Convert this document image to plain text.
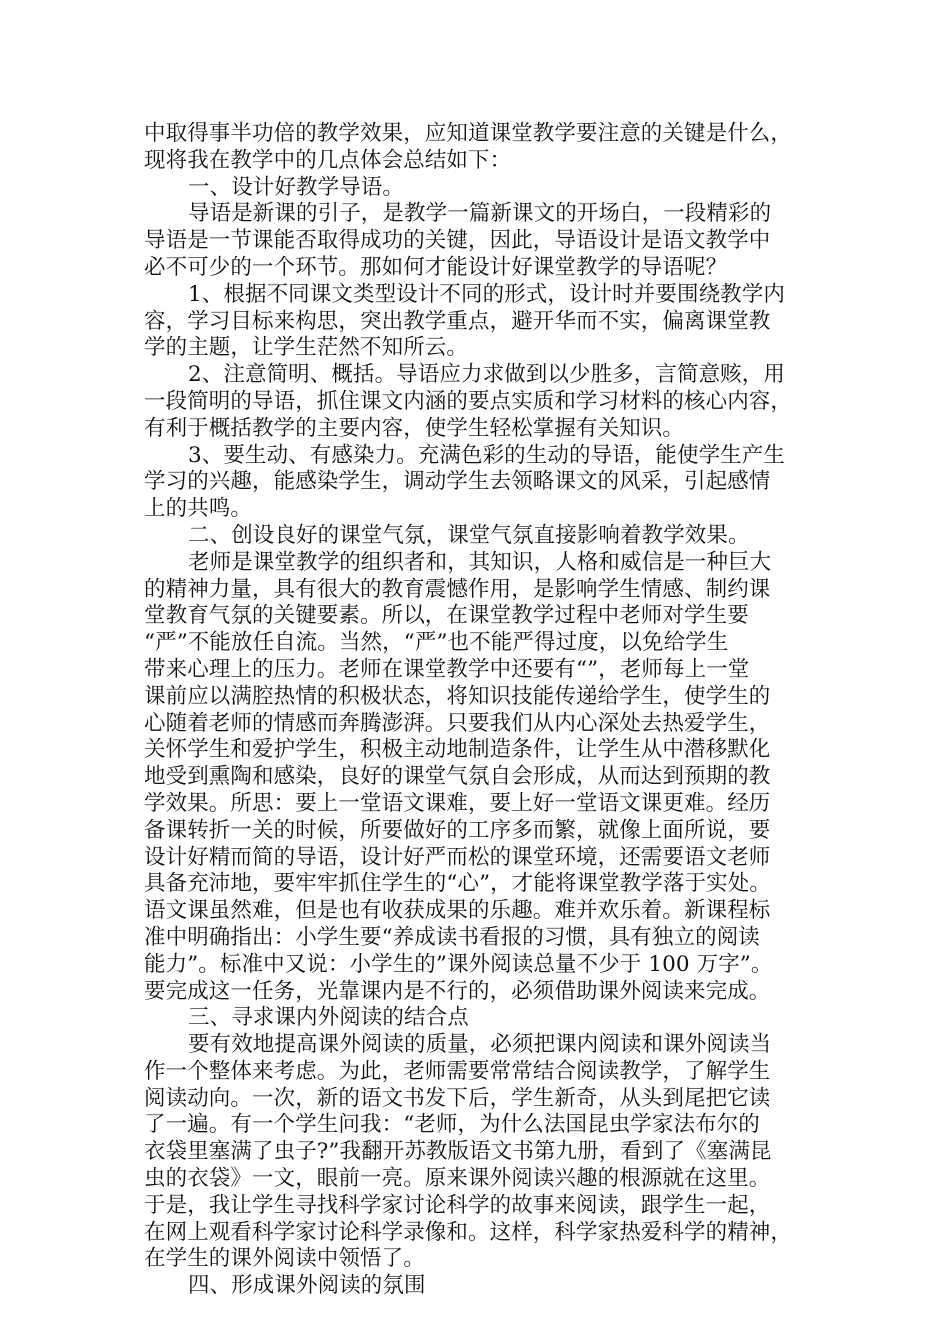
中取得事半功倍的教学效果，应知道课堂教学要注意的关键是什么，
现将我在教学中的几点体会总结如下：
一、设计好教学导语。
导语是新课的引子，是教学一篇新课文的开场白，一段精彩的
导语是一节课能否取得成功的关键，因此，导语设计是语文教学中
必不可少的一个环节。那如何才能设计好课堂教学的导语呢？
1、根据不同课文类型设计不同的形式，设计时并要围绕教学内
容，学习目标来构思，突出教学重点，避开华而不实，偏离课堂教
学的主题，让学生茫然不知所云。
2、注意简明、概括。导语应力求做到以少胜多，言简意赅，用
一段简明的导语，抓住课文内涵的要点实质和学习材料的核心内容，
有利于概括教学的主要内容，使学生轻松掌握有关知识。
3、要生动、有感染力。充满色彩的生动的导语，能使学生产生
学习的兴趣，能感染学生，调动学生去领略课文的风采，引起感情
上的共鸣。
二、创设良好的课堂气氛，课堂气氛直接影响着教学效果。
老师是课堂教学的组织者和，其知识，人格和威信是一种巨大
的精神力量，具有很大的教育震憾作用，是影响学生情感、制约课
堂教育气氛的关键要素。所以，在课堂教学过程中老师对学生要
“严”不能放任自流。当然，“严”也不能严得过度，以免给学生
带来心理上的压力。老师在课堂教学中还要有“”，老师每上一堂
课前应以满腔热情的积极状态，将知识技能传递给学生，使学生的
心随着老师的情感而奔腾澎湃。只要我们从内心深处去热爱学生，
关怀学生和爱护学生，积极主动地制造条件，让学生从中潜移默化
地受到熏陶和感染，良好的课堂气氛自会形成，从而达到预期的教
学效果。所思：要上一堂语文课难，要上好一堂语文课更难。经历
备课转折一关的时候，所要做好的工序多而繁，就像上面所说，要
设计好精而简的导语，设计好严而松的课堂环境，还需要语文老师
具备充沛地，要牢牢抓住学生的“心”，才能将课堂教学落于实处。
语文课虽然难，但是也有收获成果的乐趣。难并欢乐着。新课程标
准中明确指出：小学生要“养成读书看报的习惯，具有独立的阅读
能力”。标准中又说：小学生的”课外阅读总量不少于 100 万字”。
要完成这一任务，光靠课内是不行的，必须借助课外阅读来完成。
三、寻求课内外阅读的结合点
要有效地提高课外阅读的质量，必须把课内阅读和课外阅读当
作一个整体来考虑。为此，老师需要常常结合阅读教学，了解学生
阅读动向。一次，新的语文书发下后，学生新奇，从头到尾把它读
了一遍。有一个学生问我：“老师，为什么法国昆虫学家法布尔的
衣袋里塞满了虫子?”我翻开苏教版语文书第九册，看到了《塞满昆
虫的衣袋》一文，眼前一亮。原来课外阅读兴趣的根源就在这里。
于是，我让学生寻找科学家讨论科学的故事来阅读，跟学生一起，
在网上观看科学家讨论科学录像和。这样，科学家热爱科学的精神，
在学生的课外阅读中领悟了。
四、形成课外阅读的氛围
